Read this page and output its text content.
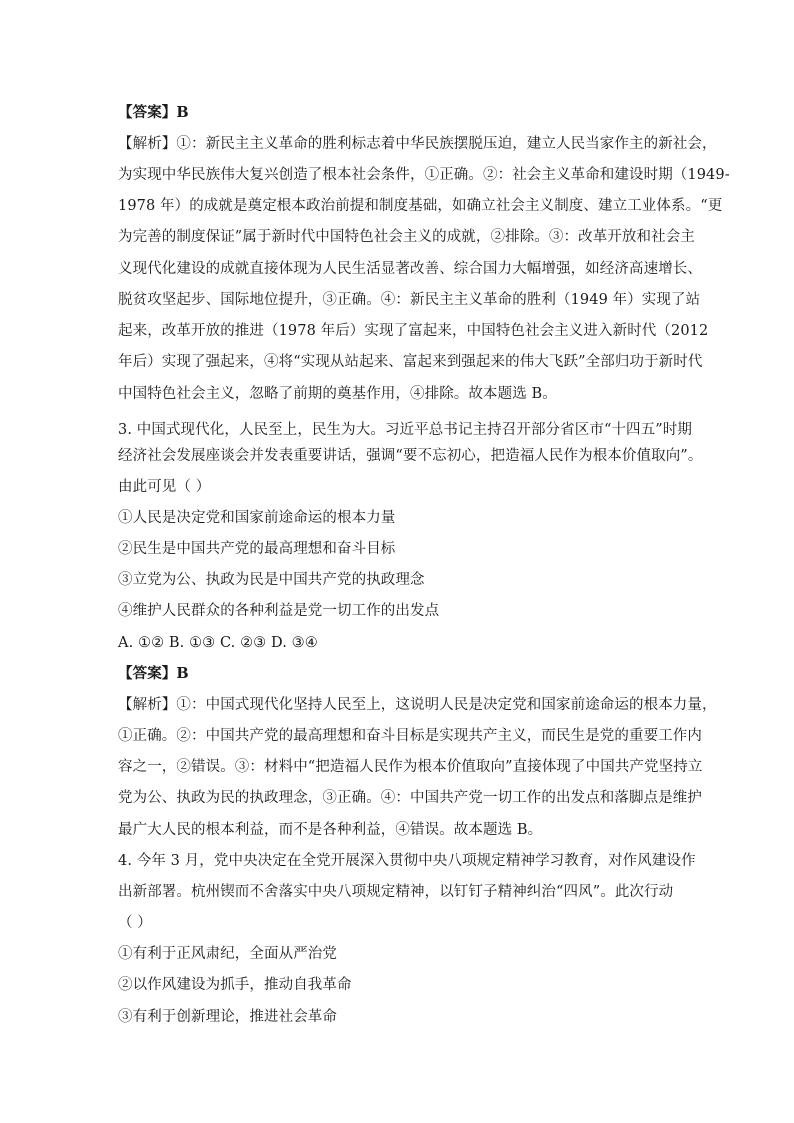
【答案】B
【解析】①：新民主主义革命的胜利标志着中华民族摆脱压迫，建立人民当家作主的新社会，
为实现中华民族伟大复兴创造了根本社会条件，①正确。②：社会主义革命和建设时期（1949-
1978 年）的成就是奠定根本政治前提和制度基础，如确立社会主义制度、建立工业体系。“更
为完善的制度保证”属于新时代中国特色社会主义的成就，②排除。③：改革开放和社会主
义现代化建设的成就直接体现为人民生活显著改善、综合国力大幅增强，如经济高速增长、
脱贫攻坚起步、国际地位提升，③正确。④：新民主主义革命的胜利（1949 年）实现了站
起来，改革开放的推进（1978 年后）实现了富起来，中国特色社会主义进入新时代（2012
年后）实现了强起来，④将“实现从站起来、富起来到强起来的伟大飞跃”全部归功于新时代
中国特色社会主义，忽略了前期的奠基作用，④排除。故本题选 B。
3. 中国式现代化，人民至上，民生为大。习近平总书记主持召开部分省区市“十四五”时期
经济社会发展座谈会并发表重要讲话，强调“要不忘初心，把造福人民作为根本价值取向”。
由此可见（ ）
①人民是决定党和国家前途命运的根本力量
②民生是中国共产党的最高理想和奋斗目标
③立党为公、执政为民是中国共产党的执政理念
④维护人民群众的各种利益是党一切工作的出发点
A. ①② B. ①③ C. ②③ D. ③④
【答案】B
【解析】①：中国式现代化坚持人民至上，这说明人民是决定党和国家前途命运的根本力量，
①正确。②：中国共产党的最高理想和奋斗目标是实现共产主义，而民生是党的重要工作内
容之一，②错误。③：材料中“把造福人民作为根本价值取向”直接体现了中国共产党坚持立
党为公、执政为民的执政理念，③正确。④：中国共产党一切工作的出发点和落脚点是维护
最广大人民的根本利益，而不是各种利益，④错误。故本题选 B。
4. 今年 3 月，党中央决定在全党开展深入贯彻中央八项规定精神学习教育，对作风建设作
出新部署。杭州锲而不舍落实中央八项规定精神，以钉钉子精神纠治“四风”。此次行动
（ ）
①有利于正风肃纪，全面从严治党
②以作风建设为抓手，推动自我革命
③有利于创新理论，推进社会革命
